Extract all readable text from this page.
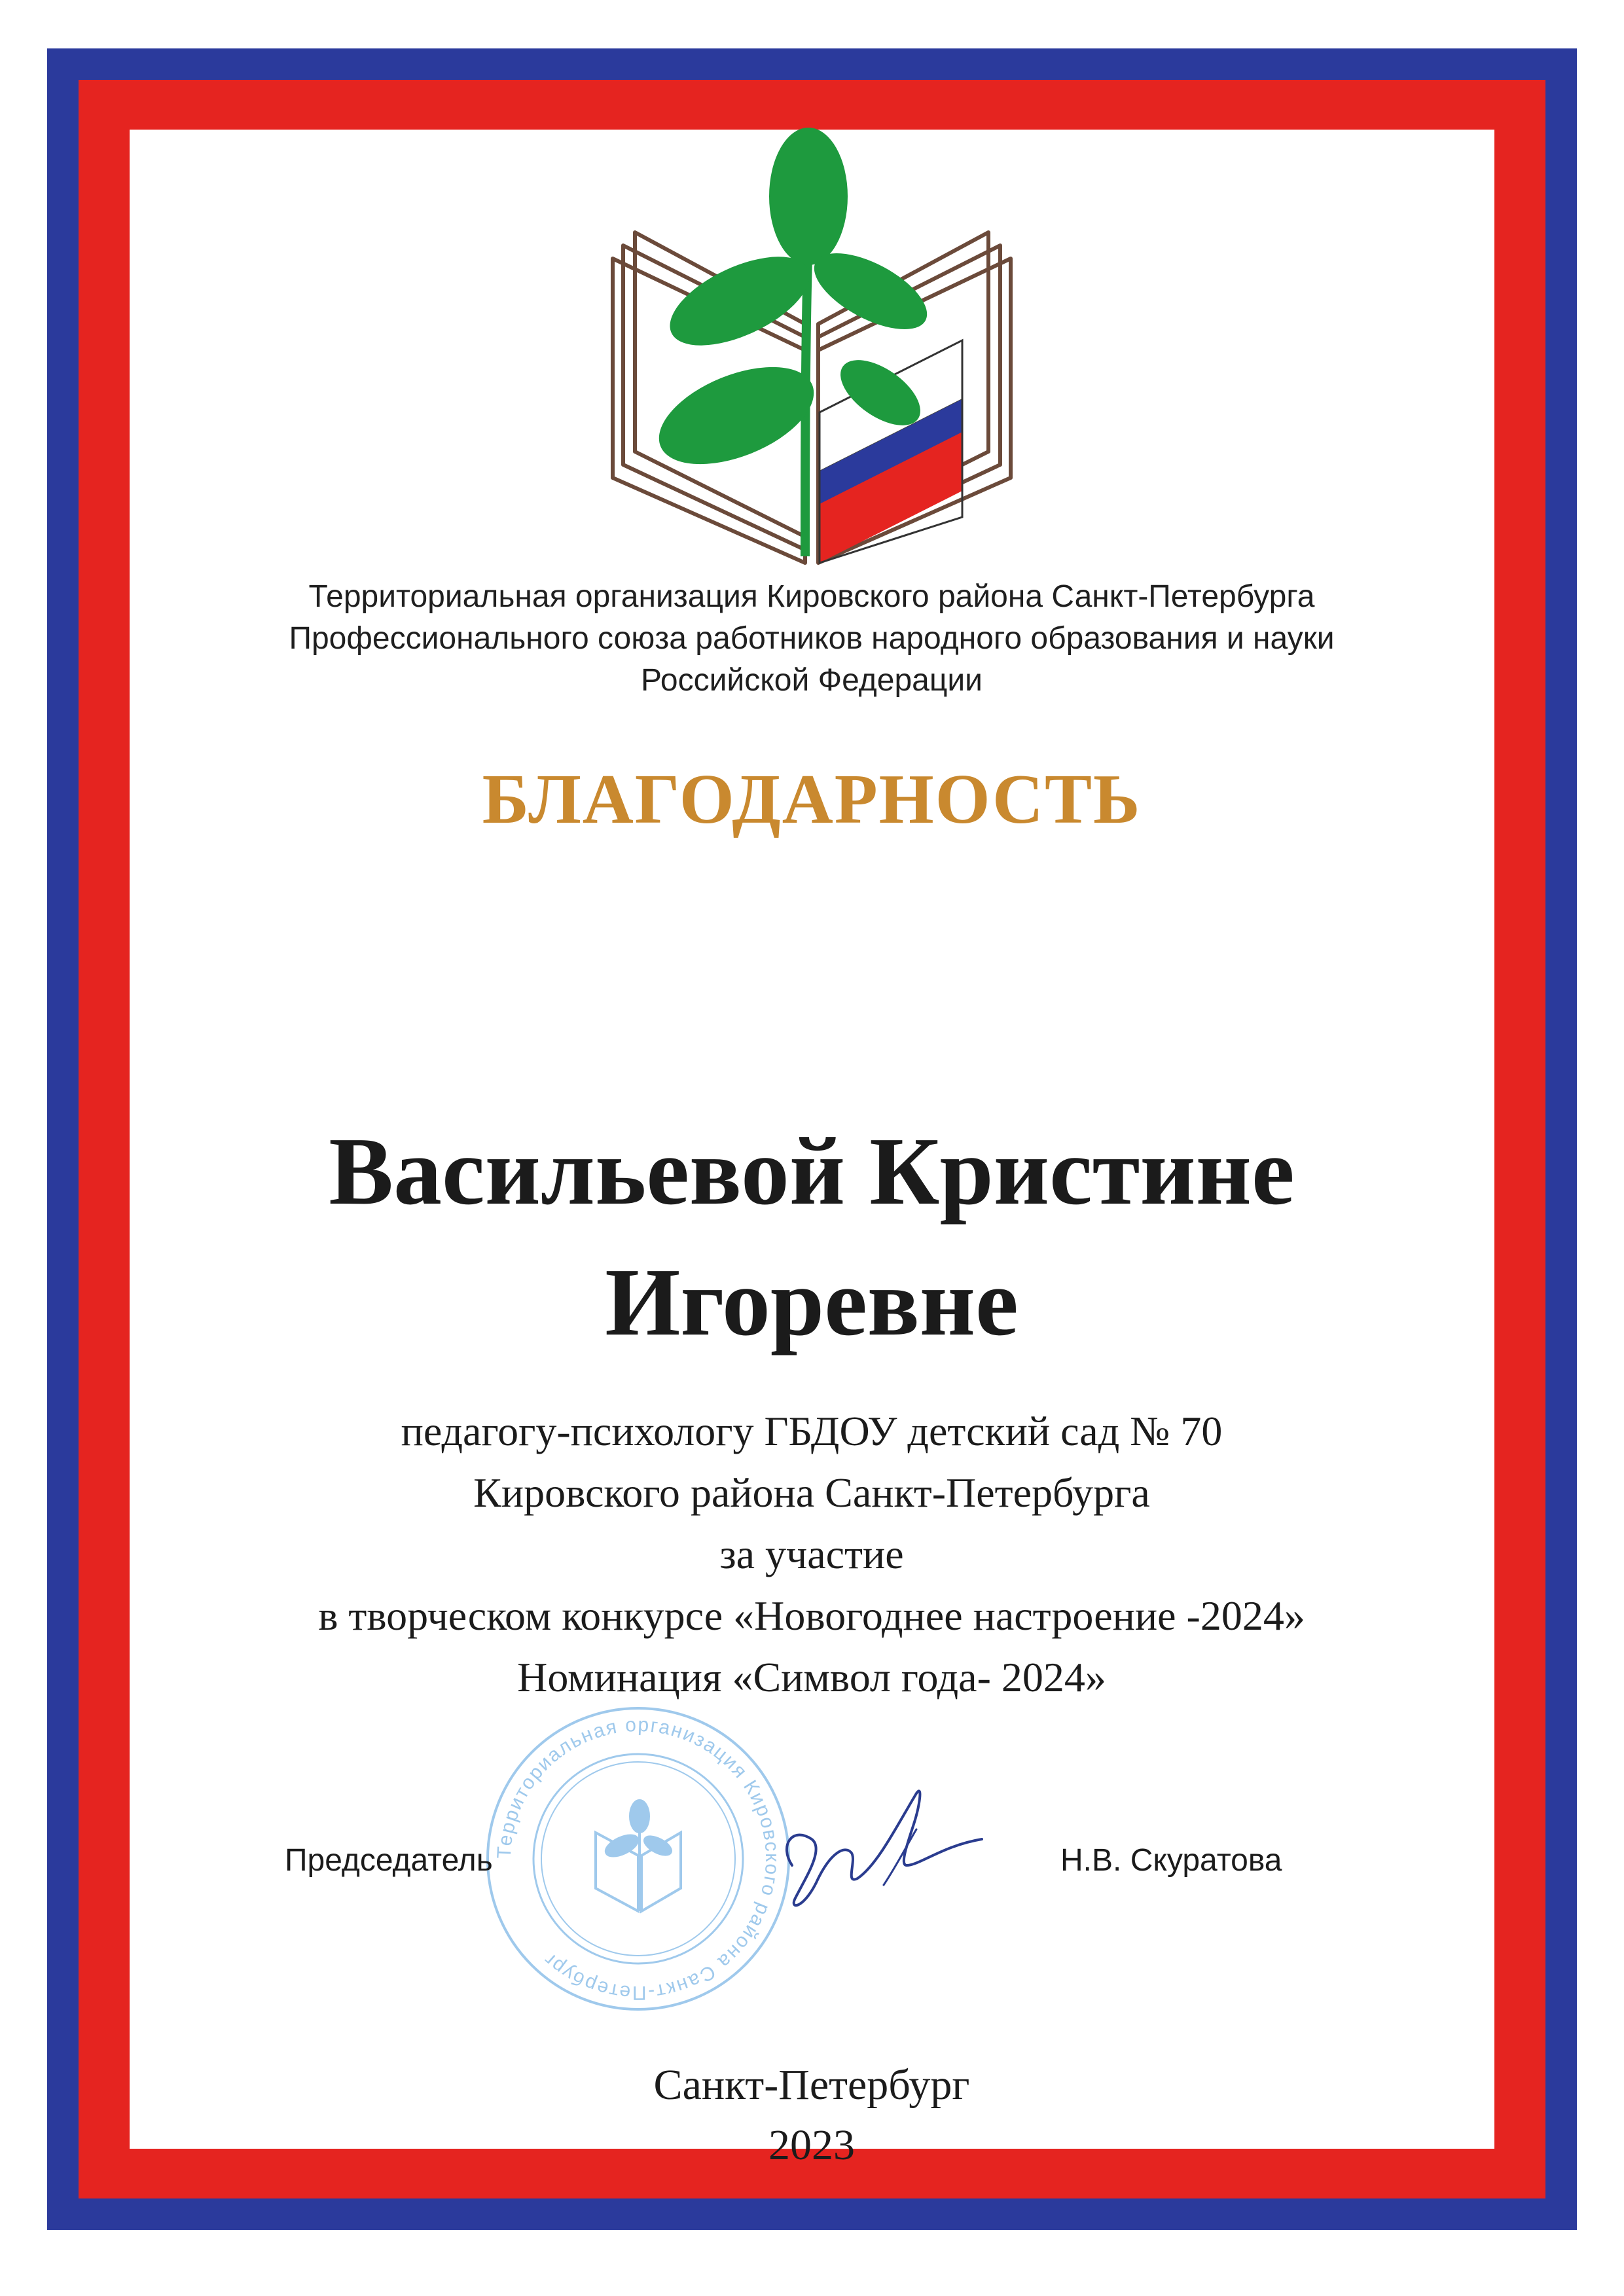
Территориальная организация Кировского района Санкт-Петербурга
Профессионального союза работников народного образования и науки
Российской Федерации
БЛАГОДАРНОСТЬ
Васильевой Кристине
Игоревне
педагогу-психологу ГБДОУ детский сад № 70
Кировского района Санкт-Петербурга
за участие
в творческом конкурсе «Новогоднее настроение -2024»
Номинация «Символ года- 2024»
Территориальная организация Кировского района Санкт-Петербург
Председатель	Н.В. Скуратова
Санкт-Петербург
2023
